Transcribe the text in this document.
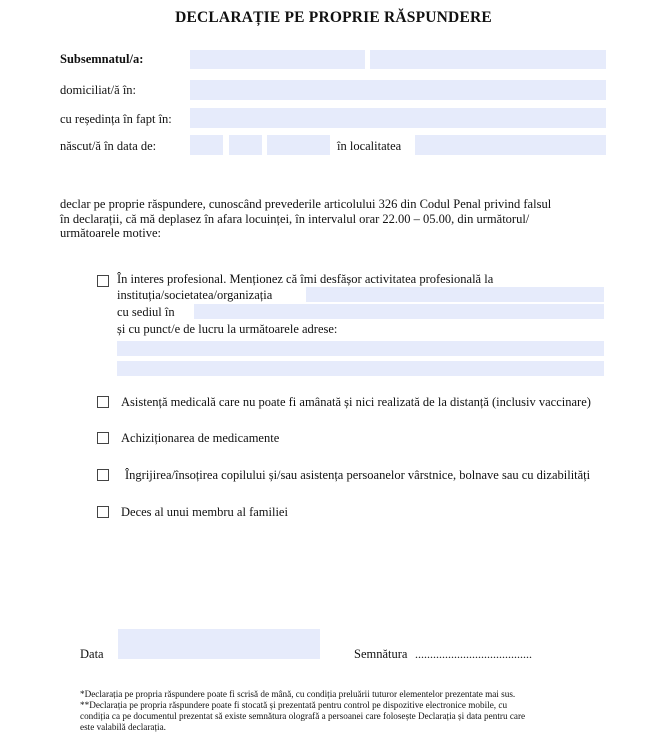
DECLARAȚIE PE PROPRIE RĂSPUNDERE
Subsemnatul/a:
domiciliat/ă în:
cu reședința în fapt în:
născut/ă în data de:	în localitatea
declar pe proprie răspundere, cunoscând prevederile articolului 326 din Codul Penal privind falsul
în declarații, că mă deplasez în afara locuinței, în intervalul orar 22.00 – 05.00, din următorul/
următoarele motive:
În interes profesional. Menționez că îmi desfășor activitatea profesională la
instituția/societatea/organizația
cu sediul în
și cu punct/e de lucru la următoarele adrese:
Asistență medicală care nu poate fi amânată și nici realizată de la distanță (inclusiv vaccinare)
Achiziționarea de medicamente
Îngrijirea/însoțirea copilului și/sau asistența persoanelor vârstnice, bolnave sau cu dizabilități
Deces al unui membru al familiei
Data	Semnătura .......................................
*Declarația pe propria răspundere poate fi scrisă de mână, cu condiția preluării tuturor elementelor prezentate mai sus.
**Declarația pe propria răspundere poate fi stocată și prezentată pentru control pe dispozitive electronice mobile, cu
condiția ca pe documentul prezentat să existe semnătura olografă a persoanei care folosește Declarația și data pentru care
este valabilă declarația.
